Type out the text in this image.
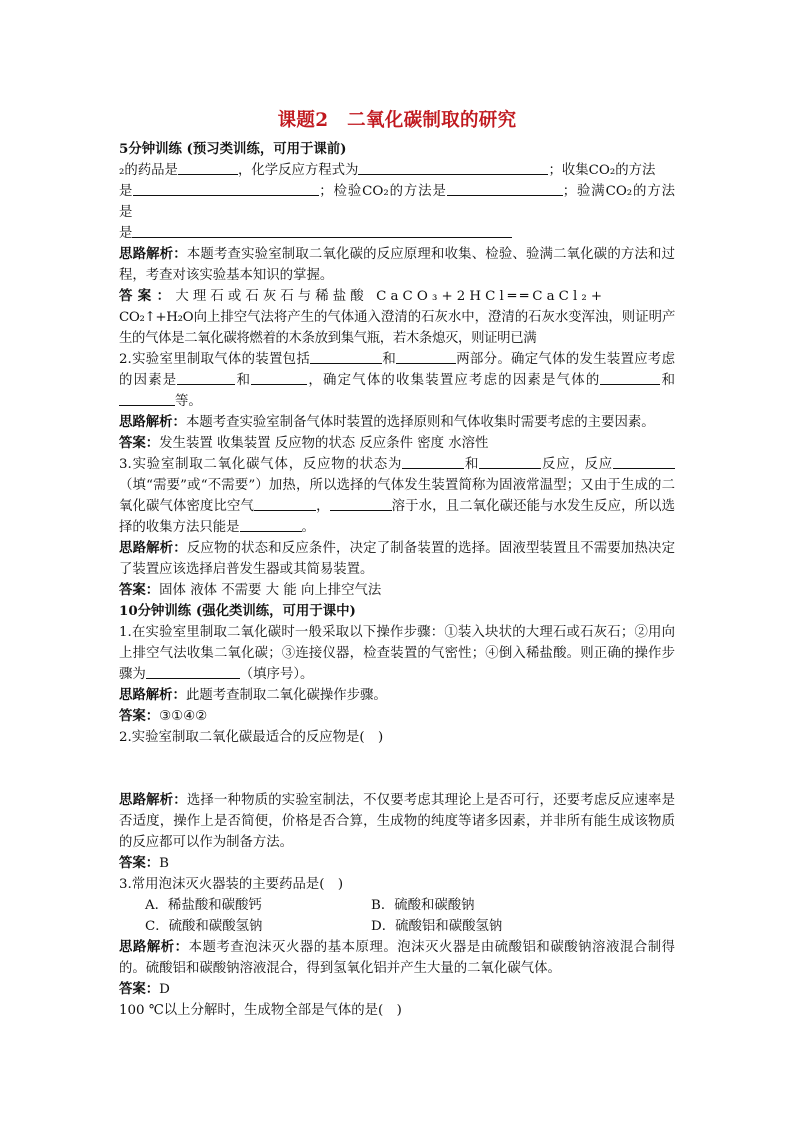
课题2　二氧化碳制取的研究

5分钟训练 (预习类训练，可用于课前)

₂的药品是	，化学反应方程式为	；收集CO₂的方法
是	；检验CO₂的方法是	；验满CO₂的方法是
是

思路解析：本题考查实验室制取二氧化碳的反应原理和收集、检验、验满二氧化碳的方法和过程，考查对该实验基本知识的掌握。

答案：大理石或石灰石与稀盐酸 CaCO₃+2HCl══CaCl₂+
CO₂↑+H₂O向上排空气法将产生的气体通入澄清的石灰水中，澄清的石灰水变浑浊，则证明产生的气体是二氧化碳将燃着的木条放到集气瓶，若木条熄灭，则证明已满

2.实验室里制取气体的装置包括	和	两部分。确定气体的发生装置应考虑的因素是	和	，确定气体的收集装置应考虑的因素是气体的	和等。

思路解析：本题考查实验室制备气体时装置的选择原则和气体收集时需要考虑的主要因素。

答案：发生装置 收集装置 反应物的状态 反应条件 密度 水溶性

3.实验室制取二氧化碳气体，反应物的状态为	和	反应，反应（填“需要”或“不需要”）加热，所以选择的气体发生装置简称为固液常温型；又由于生成的二氧化碳气体密度比空气	，	溶于水，且二氧化碳还能与水发生反应，所以选择的收集方法只能是	。

思路解析：反应物的状态和反应条件，决定了制备装置的选择。固液型装置且不需要加热决定了装置应该选择启普发生器或其简易装置。

答案：固体 液体 不需要 大 能 向上排空气法

10分钟训练 (强化类训练，可用于课中)

1.在实验室里制取二氧化碳时一般采取以下操作步骤：①装入块状的大理石或石灰石；②用向上排空气法收集二氧化碳；③连接仪器，检查装置的气密性；④倒入稀盐酸。则正确的操作步骤为	（填序号）。

思路解析：此题考查制取二氧化碳操作步骤。

答案：③①④②

2.实验室制取二氧化碳最适合的反应物是(　)

思路解析：选择一种物质的实验室制法，不仅要考虑其理论上是否可行，还要考虑反应速率是否适度，操作上是否简便，价格是否合算，生成物的纯度等诸多因素，并非所有能生成该物质的反应都可以作为制备方法。

答案：B

3.常用泡沫灭火器装的主要药品是(　)

A．稀盐酸和碳酸钙	B．硫酸和碳酸钠

C．硫酸和碳酸氢钠	D．硫酸铝和碳酸氢钠

思路解析：本题考查泡沫灭火器的基本原理。泡沫灭火器是由硫酸铝和碳酸钠溶液混合制得的。硫酸铝和碳酸钠溶液混合，得到氢氧化铝并产生大量的二氧化碳气体。

答案：D

100 ℃以上分解时，生成物全部是气体的是(　)
